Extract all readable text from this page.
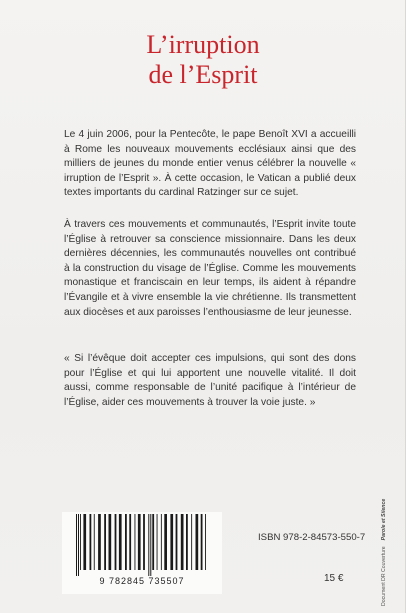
L’irruption
de l’Esprit

Le 4 juin 2006, pour la Pentecôte, le pape Benoît XVI a accueilli à Rome les nouveaux mouvements ecclésiaux ainsi que des milliers de jeunes du monde entier venus célébrer la nouvelle « irruption de l’Esprit ». À cette occasion, le Vatican a publié deux textes importants du cardinal Ratzinger sur ce sujet.

À travers ces mouvements et communautés, l’Esprit invite toute l’Église à retrouver sa conscience missionnaire. Dans les deux dernières décennies, les communautés nouvelles ont contribué à la construction du visage de l’Église. Comme les mouvements monastique et franciscain en leur temps, ils aident à répandre l’Évangile et à vivre ensemble la vie chrétienne. Ils transmettent aux diocèses et aux paroisses l’enthousiasme de leur jeunesse.

« Si l’évêque doit accepter ces impulsions, qui sont des dons pour l’Église et qui lui apportent une nouvelle vitalité. Il doit aussi, comme responsable de l’unité pacifique à l’intérieur de l’Église, aider ces mouvements à trouver la voie juste. »

9 782845 735507

ISBN 978-2-84573-550-7

15 €	Document DR Couverture
Parole et Silence
